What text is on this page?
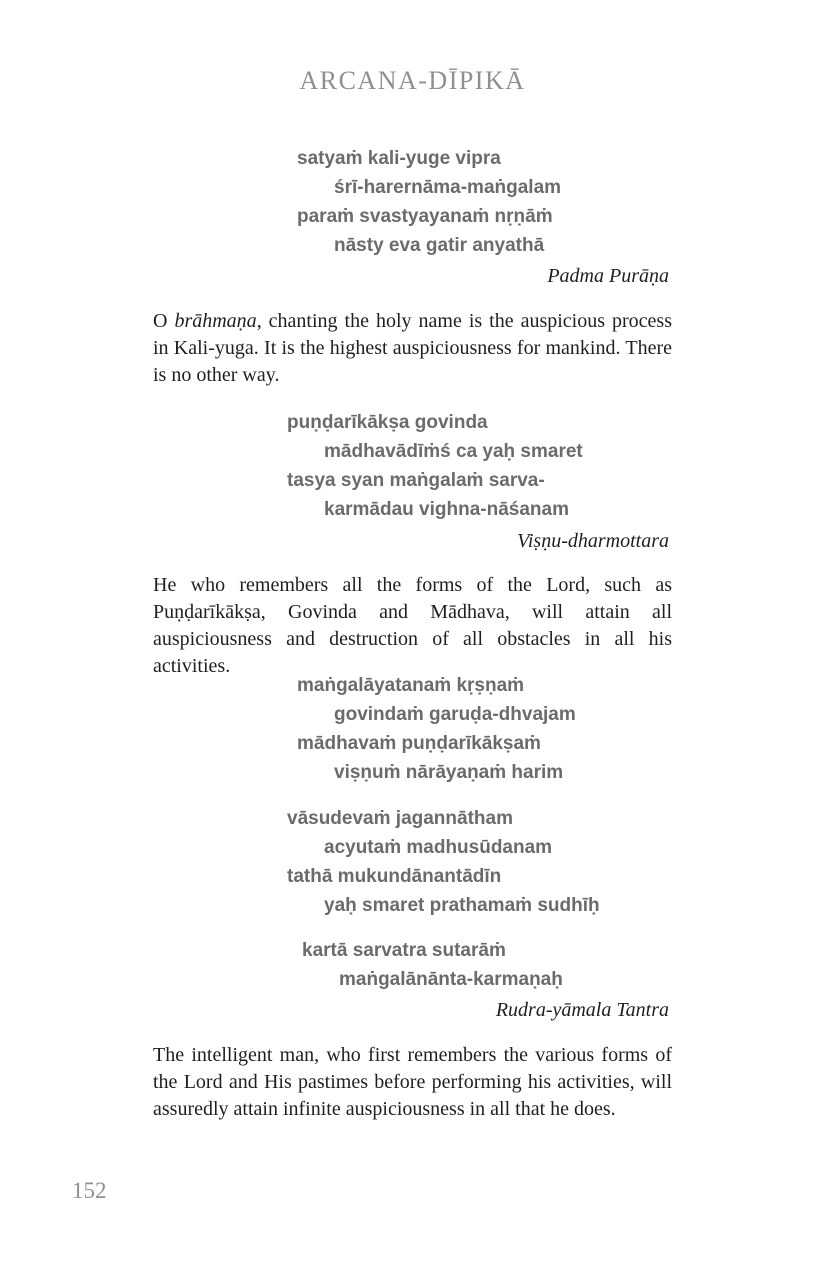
ARCANA-DĪPIKĀ
satyaṁ kali-yuge vipra
śrī-harernāma-maṅgalam
paraṁ svastyayanaṁ nṛṇāṁ
nāsty eva gatir anyathā
Padma Purāṇa

O brāhmaṇa, chanting the holy name is the auspicious process in Kali-yuga. It is the highest auspiciousness for mankind. There is no other way.

puṇḍarīkākṣa govinda
mādhavādīṁś ca yaḥ smaret
tasya syan maṅgalaṁ sarva-
karmādau vighna-nāśanam
Viṣṇu-dharmottara

He who remembers all the forms of the Lord, such as Puṇḍarīkākṣa, Govinda and Mādhava, will attain all auspiciousness and destruction of all obstacles in all his activities.

maṅgalāyatanaṁ kṛṣṇaṁ
govindaṁ garuḍa-dhvajam
mādhavaṁ puṇḍarīkākṣaṁ
viṣṇuṁ nārāyaṇaṁ harim
vāsudevaṁ jagannātham
acyutaṁ madhusūdanam
tathā mukundānantādīn
yaḥ smaret prathamaṁ sudhīḥ
kartā sarvatra sutarāṁ
maṅgalānānta-karmaṇaḥ
Rudra-yāmala Tantra

The intelligent man, who first remembers the various forms of the Lord and His pastimes before performing his activities, will assuredly attain infinite auspiciousness in all that he does.

152
